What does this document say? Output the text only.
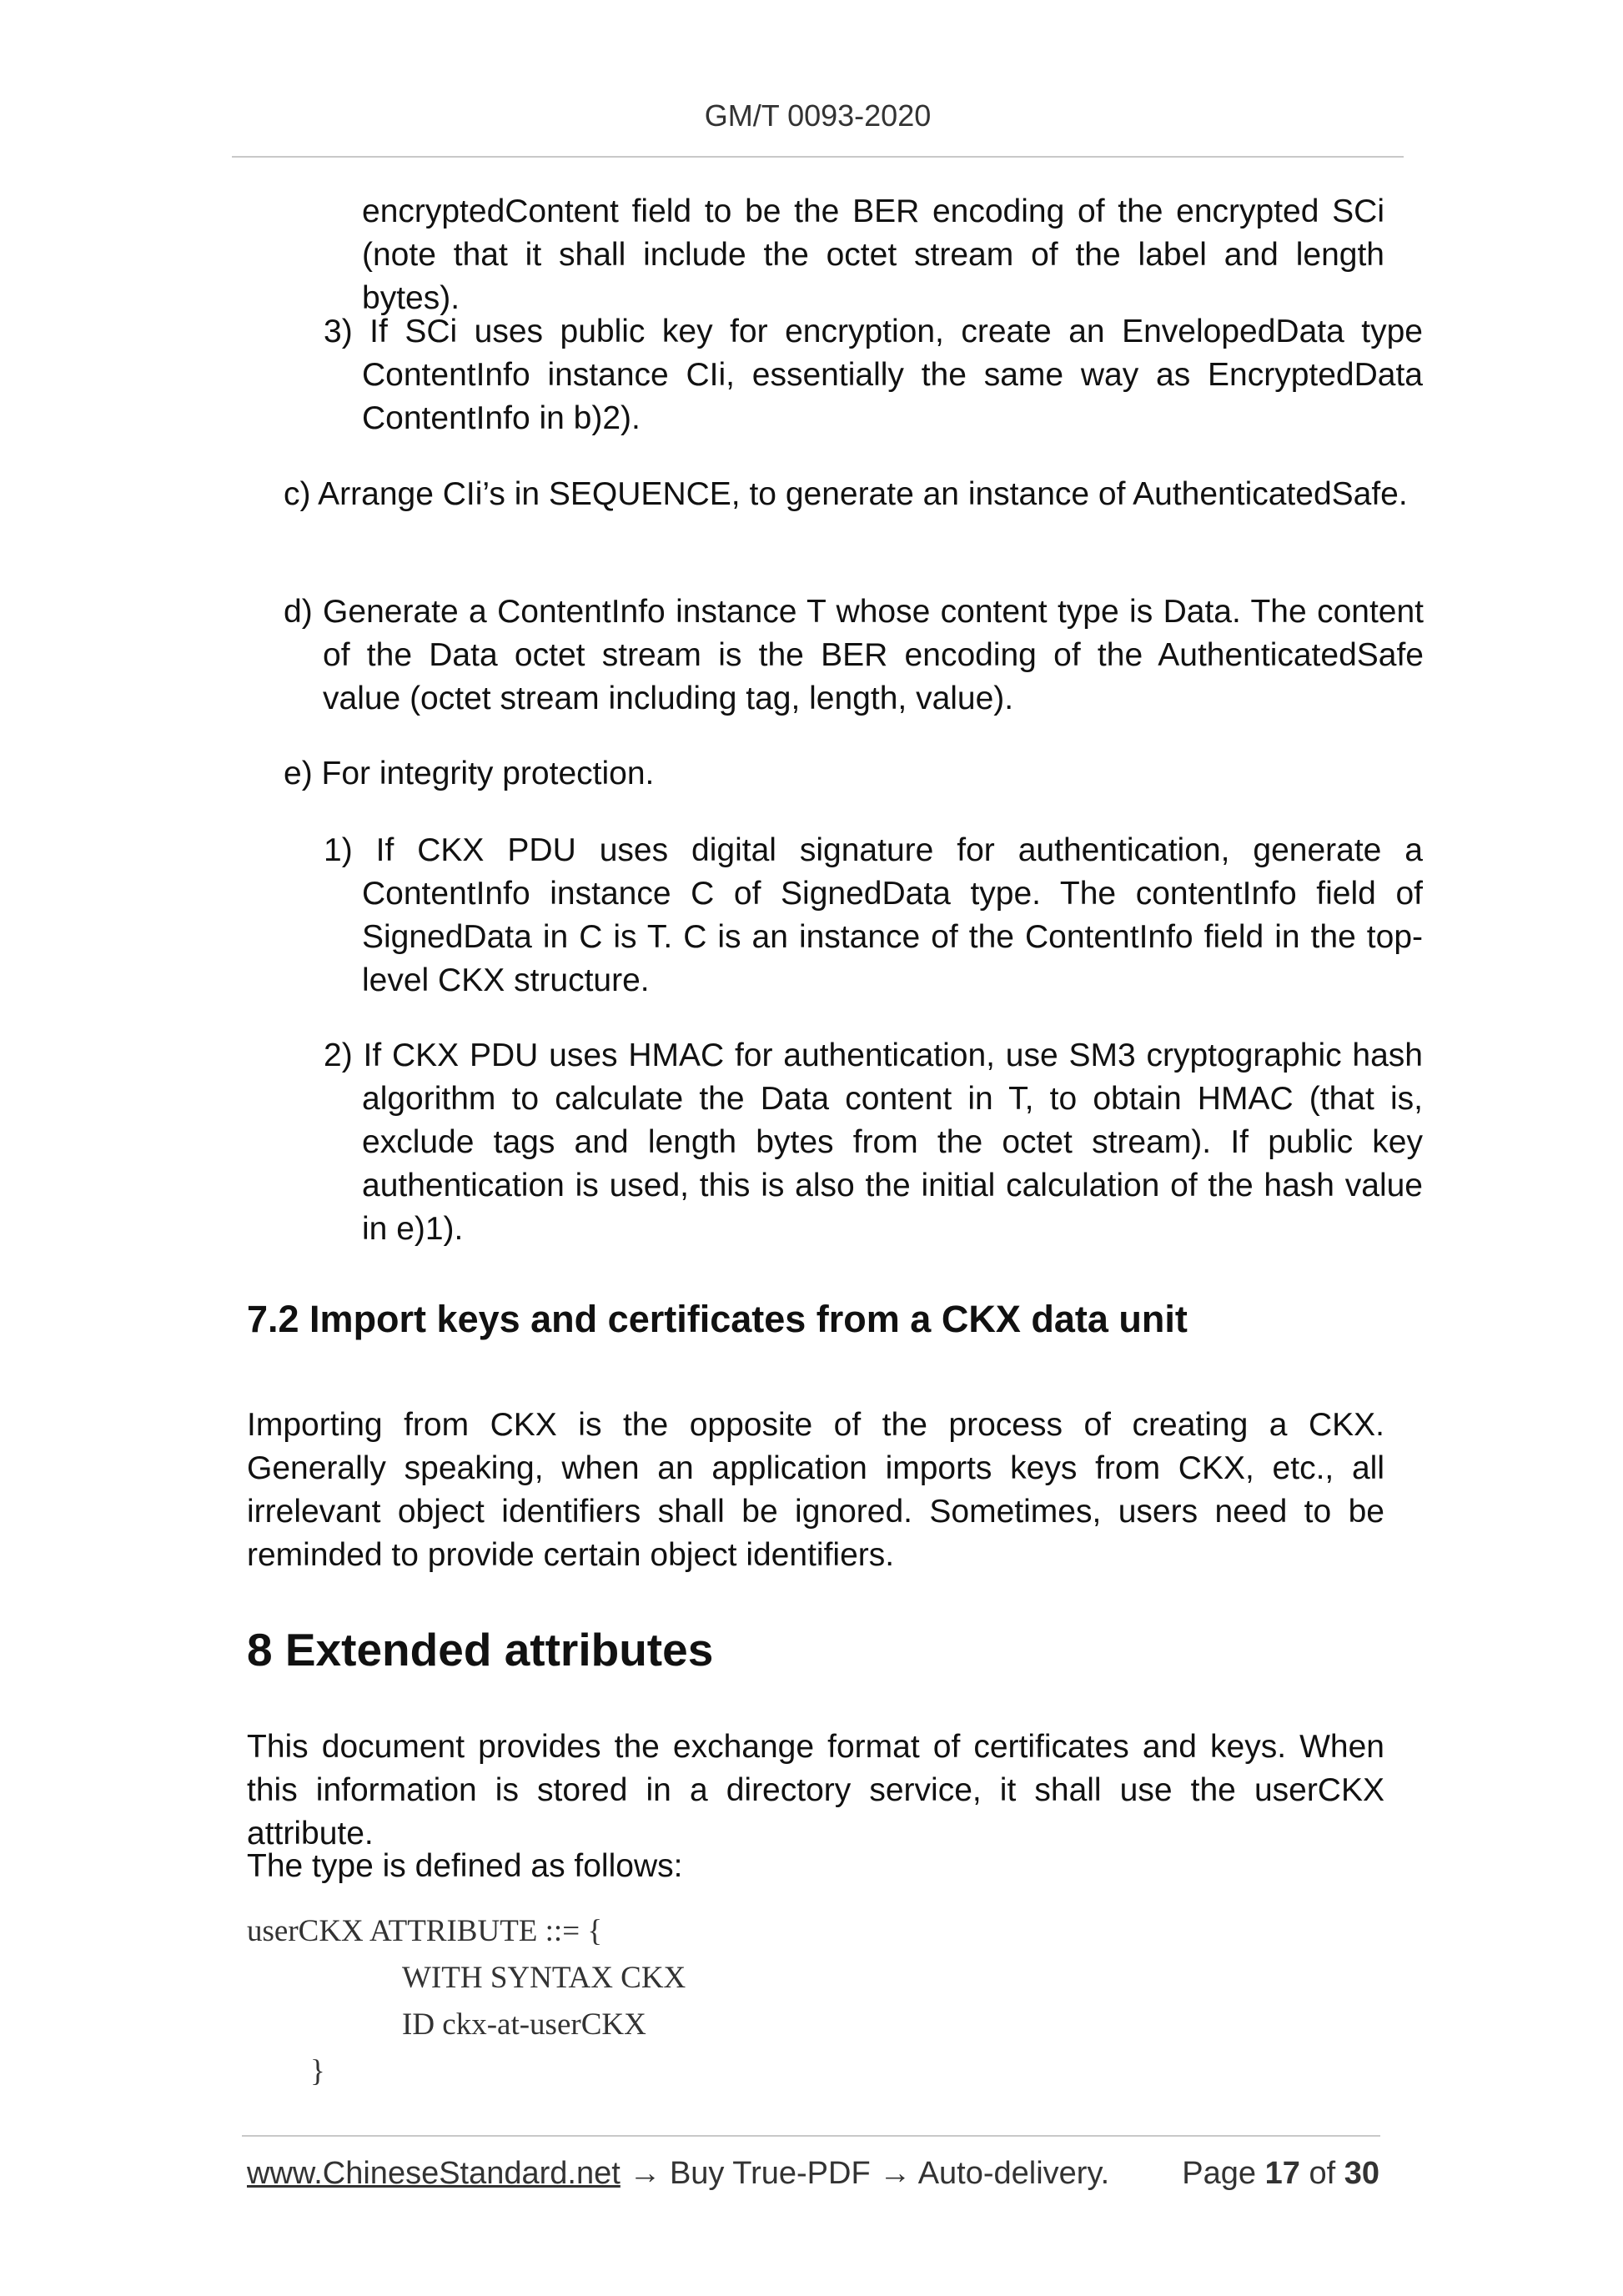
GM/T 0093-2020

encryptedContent field to be the BER encoding of the encrypted SCi (note that it shall include the octet stream of the label and length bytes).

3) If SCi uses public key for encryption, create an EnvelopedData type ContentInfo instance CIi, essentially the same way as EncryptedData ContentInfo in b)2).

c) Arrange CIi’s in SEQUENCE, to generate an instance of AuthenticatedSafe.

d) Generate a ContentInfo instance T whose content type is Data. The content of the Data octet stream is the BER encoding of the AuthenticatedSafe value (octet stream including tag, length, value).

e) For integrity protection.

1) If CKX PDU uses digital signature for authentication, generate a ContentInfo instance C of SignedData type. The contentInfo field of SignedData in C is T. C is an instance of the ContentInfo field in the top-level CKX structure.

2) If CKX PDU uses HMAC for authentication, use SM3 cryptographic hash algorithm to calculate the Data content in T, to obtain HMAC (that is, exclude tags and length bytes from the octet stream). If public key authentication is used, this is also the initial calculation of the hash value in e)1).

7.2 Import keys and certificates from a CKX data unit

Importing from CKX is the opposite of the process of creating a CKX. Generally speaking, when an application imports keys from CKX, etc., all irrelevant object identifiers shall be ignored. Sometimes, users need to be reminded to provide certain object identifiers.

8 Extended attributes

This document provides the exchange format of certificates and keys. When this information is stored in a directory service, it shall use the userCKX attribute.

The type is defined as follows:

userCKX ATTRIBUTE ::= {
WITH SYNTAX CKX
ID ckx-at-userCKX
}
www.ChineseStandard.net → Buy True-PDF → Auto-delivery. Page 17 of 30
